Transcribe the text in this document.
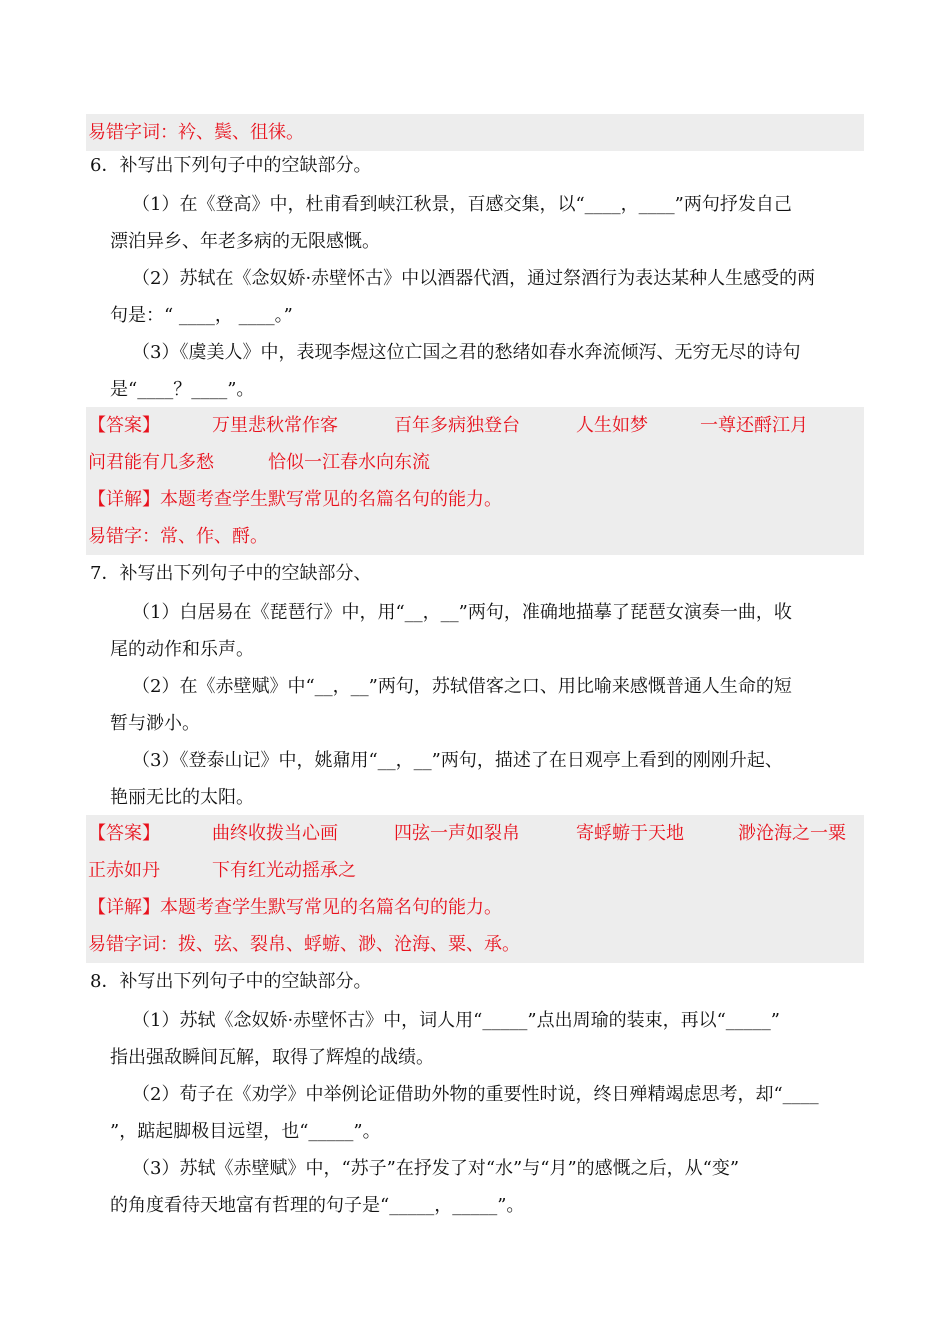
易错字词：衿、鬓、徂徕。
6．补写出下列句子中的空缺部分。
（1）在《登高》中，杜甫看到峡江秋景，百感交集，以“____，____”两句抒发自己
漂泊异乡、年老多病的无限感慨。
（2）苏轼在《念奴娇·赤壁怀古》中以酒器代酒，通过祭酒行为表达某种人生感受的两
句是：“ ____， ____。”
（3）《虞美人》中，表现李煜这位亡国之君的愁绪如春水奔流倾泻、无穷无尽的诗句
是“____？____”。
【答案】	万里悲秋常作客	百年多病独登台	人生如梦	一尊还酹江月
问君能有几多愁	恰似一江春水向东流
【详解】本题考查学生默写常见的名篇名句的能力。
易错字：常、作、酹。
7．补写出下列句子中的空缺部分、
（1）白居易在《琵琶行》中，用“__，__”两句，准确地描摹了琵琶女演奏一曲，收
尾的动作和乐声。
（2）在《赤壁赋》中“__，__”两句，苏轼借客之口、用比喻来感慨普通人生命的短
暂与渺小。
（3）《登泰山记》中，姚鼐用“__，__”两句，描述了在日观亭上看到的刚刚升起、
艳丽无比的太阳。
【答案】	曲终收拨当心画	四弦一声如裂帛	寄蜉蝣于天地	渺沧海之一粟
正赤如丹	下有红光动摇承之
【详解】本题考查学生默写常见的名篇名句的能力。
易错字词：拨、弦、裂帛、蜉蝣、渺、沧海、粟、承。
8．补写出下列句子中的空缺部分。
（1）苏轼《念奴娇·赤壁怀古》中，词人用“_____”点出周瑜的装束，再以“_____”
指出强敌瞬间瓦解，取得了辉煌的战绩。
（2）荀子在《劝学》中举例论证借助外物的重要性时说，终日殚精竭虑思考，却“____
”，踮起脚极目远望，也“_____”。
（3）苏轼《赤壁赋》中，“苏子”在抒发了对“水”与“月”的感慨之后，从“变”
的角度看待天地富有哲理的句子是“_____，_____”。
